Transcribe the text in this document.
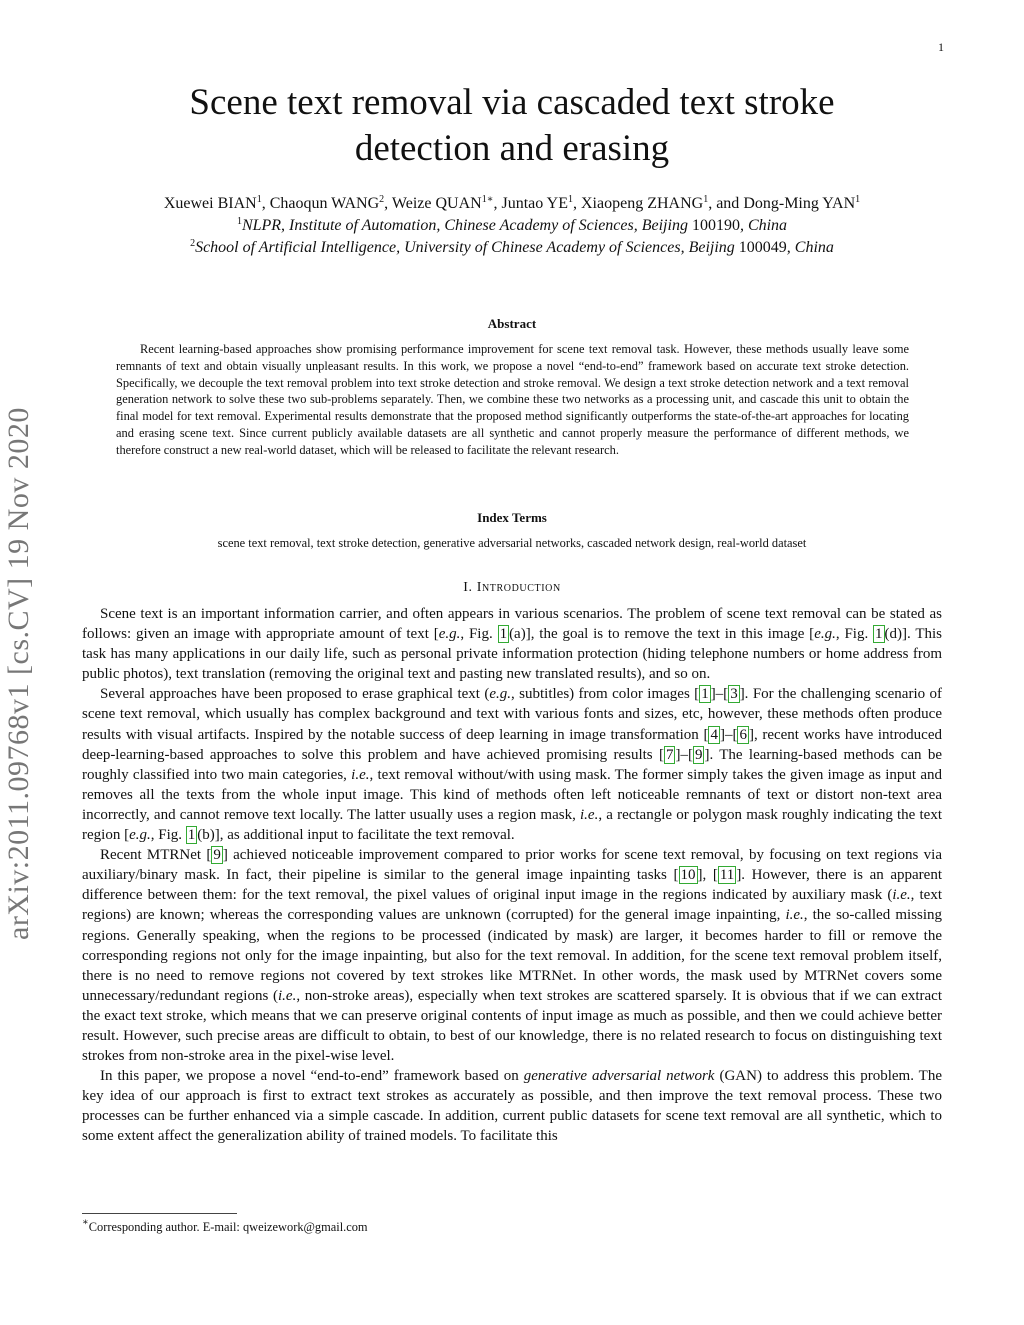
1
arXiv:2011.09768v1 [cs.CV] 19 Nov 2020
Scene text removal via cascaded text stroke
detection and erasing
Xuewei BIAN$^1$, Chaoqun WANG$^2$, Weize $QUAN^{1∗}$, Juntao $YE^1$, Xiaopeng ZHANG$^1$, and Dong-Ming YAN$^1$
$^1$NLPR, Institute of Automation, Chinese Academy of Sciences, Beijing 100190, China
$^2$School of Artificial Intelligence, University of Chinese Academy of Sciences, Beijing 100049, China
Abstract
Recent learning-based approaches show promising performance improvement for scene text removal task. However, these methods usually leave some remnants of text and obtain visually unpleasant results. In this work, we propose a novel “end-to-end” framework based on accurate text stroke detection. Specifically, we decouple the text removal problem into text stroke detection and stroke removal. We design a text stroke detection network and a text removal generation network to solve these two sub-problems separately. Then, we combine these two networks as a processing unit, and cascade this unit to obtain the final model for text removal. Experimental results demonstrate that the proposed method significantly outperforms the state-of-the-art approaches for locating and erasing scene text. Since current publicly available datasets are all synthetic and cannot properly measure the performance of different methods, we therefore construct a new real-world dataset, which will be released to facilitate the relevant research.
Index Terms
scene text removal, text stroke detection, generative adversarial networks, cascaded network design, real-world dataset
I. Introduction

Scene text is an important information carrier, and often appears in various scenarios. The problem of scene text removal can be stated as follows: given an image with appropriate amount of text [e.g., Fig. 1 (a)], the goal is to remove the text in this image [e.g., Fig. 1 (d)]. This task has many applications in our daily life, such as personal private information protection (hiding telephone numbers or home address from public photos), text translation (removing the original text and pasting new translated results), and so on.

Several approaches have been proposed to erase graphical text (e.g., subtitles) from color images [ 1 ]–[ 3 ]. For the challenging scenario of scene text removal, which usually has complex background and text with various fonts and sizes, etc, however, these methods often produce results with visual artifacts. Inspired by the notable success of deep learning in image transformation [ 4 ]–[ 6 ], recent works have introduced deep-learning-based approaches to solve this problem and have achieved promising results [ 7 ]–[ 9 ]. The learning-based methods can be roughly classified into two main categories, i.e., text removal without/with using mask. The former simply takes the given image as input and removes all the texts from the whole input image. This kind of methods often left noticeable remnants of text or distort non-text area incorrectly, and cannot remove text locally. The latter usually uses a region mask, i.e., a rectangle or polygon mask roughly indicating the text region [e.g., Fig. 1 (b)], as additional input to facilitate the text removal.

Recent MTRNet [ 9 ] achieved noticeable improvement compared to prior works for scene text removal, by focusing on text regions via auxiliary/binary mask. In fact, their pipeline is similar to the general image inpainting tasks [ 10 ], [ 11 ]. However, there is an apparent difference between them: for the text removal, the pixel values of original input image in the regions indicated by auxiliary mask (i.e., text regions) are known; whereas the corresponding values are unknown (corrupted) for the general image inpainting, i.e., the so-called missing regions. Generally speaking, when the regions to be processed (indicated by mask) are larger, it becomes harder to fill or remove the corresponding regions not only for the image inpainting, but also for the text removal. In addition, for the scene text removal problem itself, there is no need to remove regions not covered by text strokes like MTRNet. In other words, the mask used by MTRNet covers some unnecessary/redundant regions (i.e., non-stroke areas), especially when text strokes are scattered sparsely. It is obvious that if we can extract the exact text stroke, which means that we can preserve original contents of input image as much as possible, and then we could achieve better result. However, such precise areas are difficult to obtain, to best of our knowledge, there is no related research to focus on distinguishing text strokes from non-stroke area in the pixel-wise level.

In this paper, we propose a novel “end-to-end” framework based on generative adversarial network (GAN) to address this problem. The key idea of our approach is first to extract text strokes as accurately as possible, and then improve the text removal process. These two processes can be further enhanced via a simple cascade. In addition, current public datasets for scene text removal are all synthetic, which to some extent affect the generalization ability of trained models. To facilitate this

∗Corresponding author. E-mail: qweizework@gmail.com
